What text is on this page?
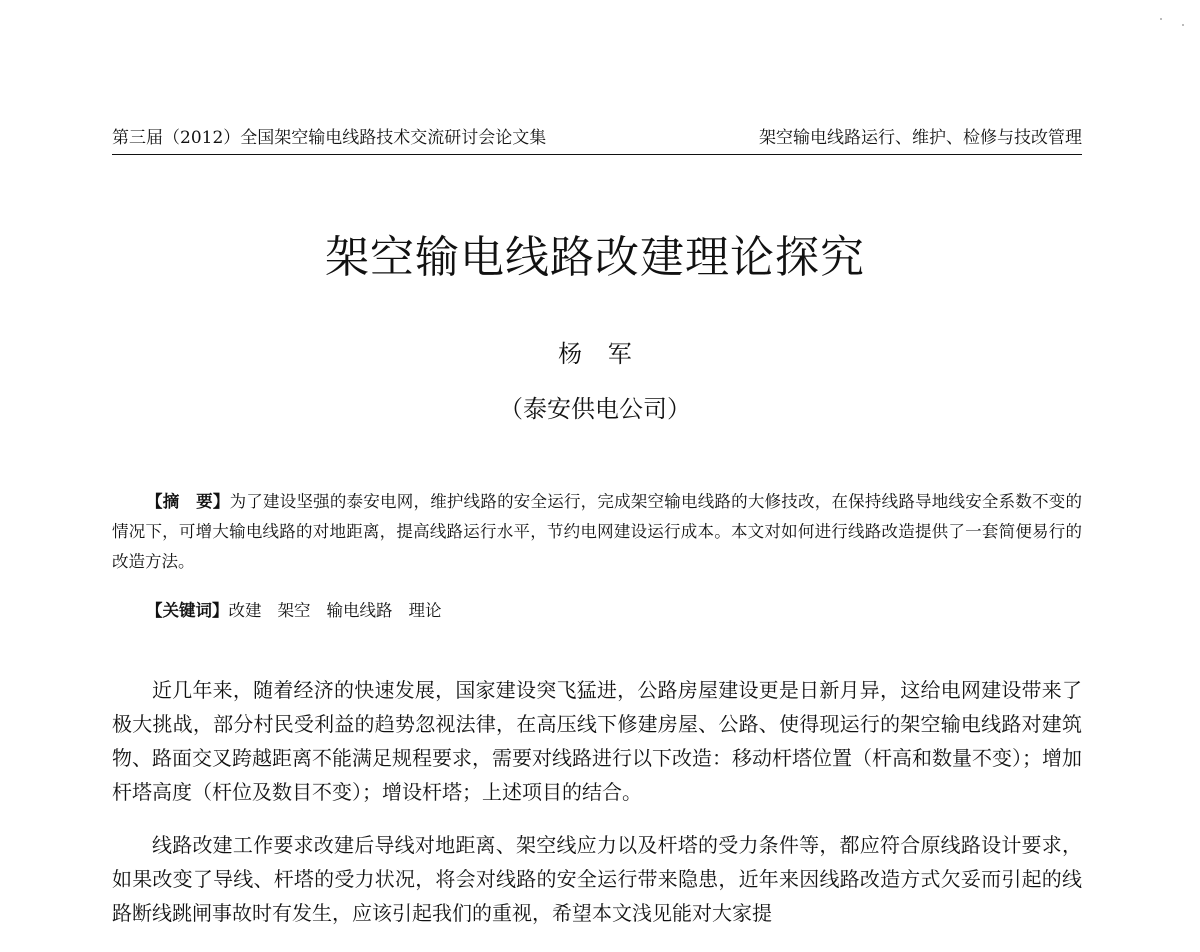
第三届（2012）全国架空输电线路技术交流研讨会论文集	架空输电线路运行、维护、检修与技改管理
架空输电线路改建理论探究
杨 军
（泰安供电公司）
【摘　要】为了建设坚强的泰安电网，维护线路的安全运行，完成架空输电线路的大修技改，在保持线路导地线安全系数不变的情况下，可增大输电线路的对地距离，提高线路运行水平，节约电网建设运行成本。本文对如何进行线路改造提供了一套简便易行的改造方法。
【关键词】改建 架空 输电线路 理论

近几年来，随着经济的快速发展，国家建设突飞猛进，公路房屋建设更是日新月异，这给电网建设带来了极大挑战，部分村民受利益的趋势忽视法律，在高压线下修建房屋、公路、使得现运行的架空输电线路对建筑物、路面交叉跨越距离不能满足规程要求，需要对线路进行以下改造：移动杆塔位置（杆高和数量不变）；增加杆塔高度（杆位及数目不变）；增设杆塔；上述项目的结合。

线路改建工作要求改建后导线对地距离、架空线应力以及杆塔的受力条件等，都应符合原线路设计要求，如果改变了导线、杆塔的受力状况，将会对线路的安全运行带来隐患，近年来因线路改造方式欠妥而引起的线路断线跳闸事故时有发生，应该引起我们的重视，希望本文浅见能对大家提
